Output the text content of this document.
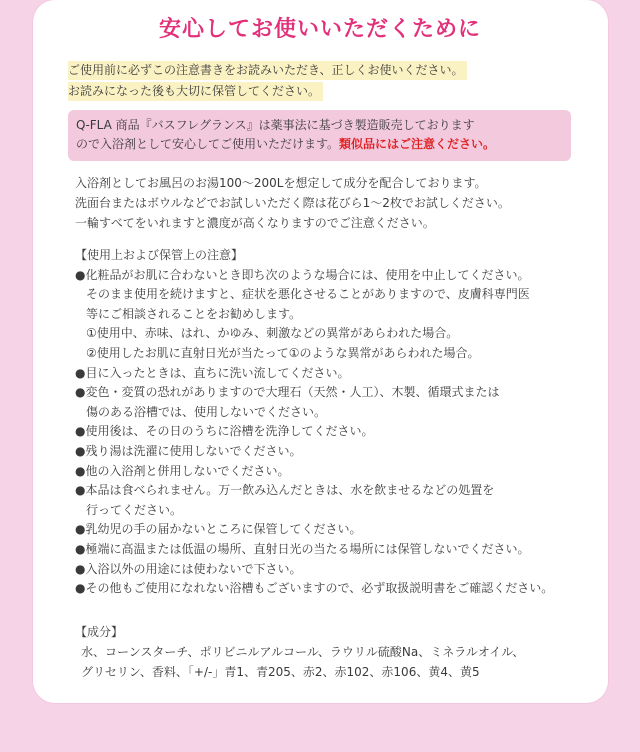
安心してお使いいただくために
ご使用前に必ずこの注意書きをお読みいただき、正しくお使いください。
お読みになった後も大切に保管してください。
Q‐FLA 商品『バスフレグランス』は薬事法に基づき製造販売しております
ので入浴剤として安心してご使用いただけます。類似品にはご注意ください。
入浴剤としてお風呂のお湯100～200Lを想定して成分を配合しております。
洗面台またはボウルなどでお試しいただく際は花びら1～2枚でお試しください。
一輪すべてをいれますと濃度が高くなりますのでご注意ください。
【使用上および保管上の注意】
●化粧品がお肌に合わないとき即ち次のような場合には、使用を中止してください。
そのまま使用を続けますと、症状を悪化させることがありますので、皮膚科専門医
等にご相談されることをお勧めします。
①使用中、赤味、はれ、かゆみ、刺激などの異常があらわれた場合。
②使用したお肌に直射日光が当たって①のような異常があらわれた場合。
●目に入ったときは、直ちに洗い流してください。
●変色・変質の恐れがありますので大理石（天然・人工）、木製、循環式または
傷のある浴槽では、使用しないでください。
●使用後は、その日のうちに浴槽を洗浄してください。
●残り湯は洗濯に使用しないでください。
●他の入浴剤と併用しないでください。
●本品は食べられません。万一飲み込んだときは、水を飲ませるなどの処置を
行ってください。
●乳幼児の手の届かないところに保管してください。
●極端に高温または低温の場所、直射日光の当たる場所には保管しないでください。
●入浴以外の用途には使わないで下さい。
●その他もご使用になれない浴槽もございますので、必ず取扱説明書をご確認ください。
【成分】
水、コーンスターチ、ポリビニルアルコール、ラウリル硫酸Na、ミネラルオイル、
グリセリン、香料、「+/-」青1、青205、赤2、赤102、赤106、黄4、黄5
